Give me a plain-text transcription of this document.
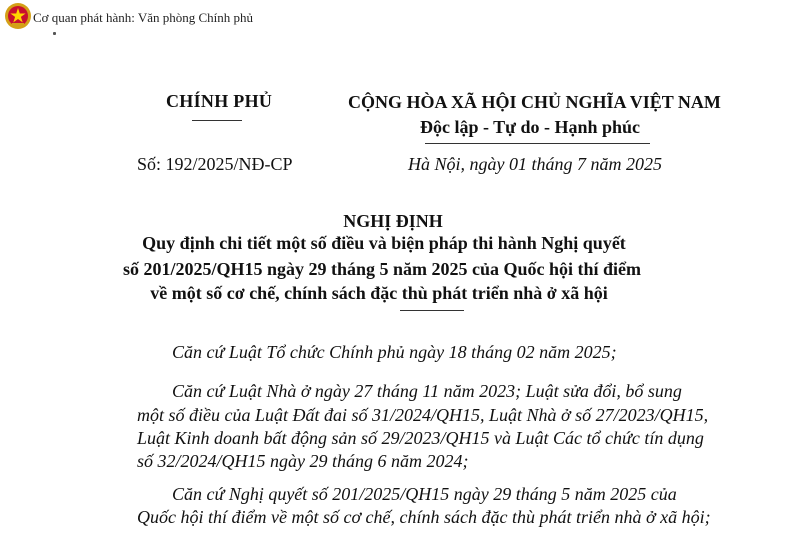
Cơ quan phát hành: Văn phòng Chính phủ
CHÍNH PHỦ	CỘNG HÒA XÃ HỘI CHỦ NGHĨA VIỆT NAM
Độc lập - Tự do - Hạnh phúc
Số: 192/2025/NĐ-CP	Hà Nội, ngày 01 tháng 7 năm 2025
NGHỊ ĐỊNH
Quy định chi tiết một số điều và biện pháp thi hành Nghị quyết
số 201/2025/QH15 ngày 29 tháng 5 năm 2025 của Quốc hội thí điểm
về một số cơ chế, chính sách đặc thù phát triển nhà ở xã hội
Căn cứ Luật Tổ chức Chính phủ ngày 18 tháng 02 năm 2025;
Căn cứ Luật Nhà ở ngày 27 tháng 11 năm 2023; Luật sửa đổi, bổ sung
một số điều của Luật Đất đai số 31/2024/QH15, Luật Nhà ở số 27/2023/QH15,
Luật Kinh doanh bất động sản số 29/2023/QH15 và Luật Các tổ chức tín dụng
số 32/2024/QH15 ngày 29 tháng 6 năm 2024;
Căn cứ Nghị quyết số 201/2025/QH15 ngày 29 tháng 5 năm 2025 của
Quốc hội thí điểm về một số cơ chế, chính sách đặc thù phát triển nhà ở xã hội;
